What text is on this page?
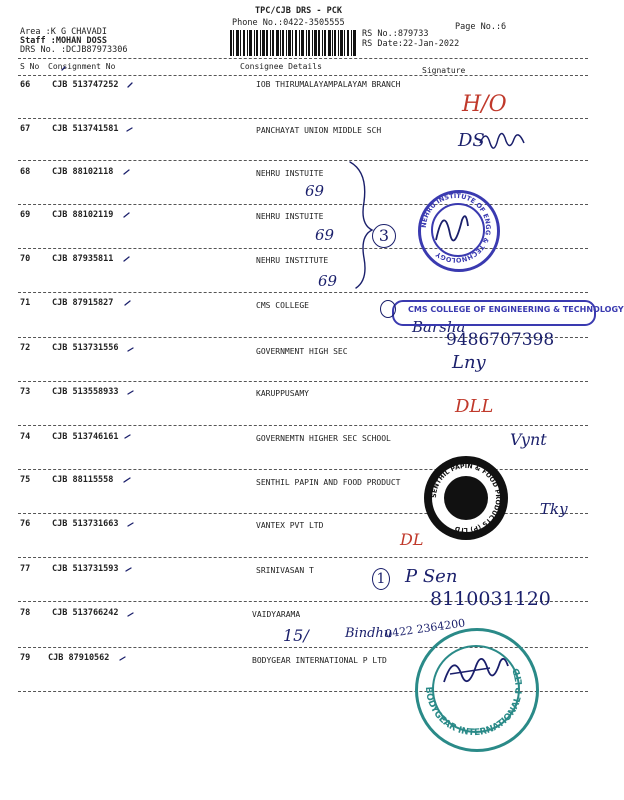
TPC/CJB DRS - PCK
Phone No.:0422-3505555	Page No.:6
Area :K G CHAVADI
Staff :MOHAN DOSS
DRS No. :DCJB87973306
RS No.:879733
RS Date:22-Jan-2022
S No Consignment No	Consignee Details	Signature
66	CJB 513747252	IOB THIRUMALAYAMPALAYAM BRANCH
67	CJB 513741581	PANCHAYAT UNION MIDDLE SCH
68	CJB 88102118	NEHRU INSTUITE
69	CJB 88102119	NEHRU INSTUITE
70	CJB 87935811	NEHRU INSTITUTE
71	CJB 87915827	CMS COLLEGE
72	CJB 513731556	GOVERNMENT HIGH SEC
73	CJB 513558933	KARUPPUSAMY
74	CJB 513746161	GOVERNEMTN HIGHER SEC SCHOOL
75	CJB 88115558	SENTHIL PAPIN AND FOOD PRODUCT
76	CJB 513731663	VANTEX PVT LTD
77	CJB 513731593	SRINIVASAN T
78	CJB 513766242	VAIDYARAMA
79 CJB 87910562	BODYGEAR INTERNATIONAL P LTD
H/O
DS
69
69	3
69
Barsha
9486707398
Lny
DLL
Vynt
Tky
DL
1 P Sen
8110031120
15/	Bindhu
0422 2364200
NEHRU INSTITUTE OF ENGG & TECHNOLOGY
CMS COLLEGE OF ENGINEERING & TECHNOLOGY
SENTHIL PAPIN & FOOD PRODUCTS (P) LTD
BODYGEAR INTERNATIONAL P LTD
